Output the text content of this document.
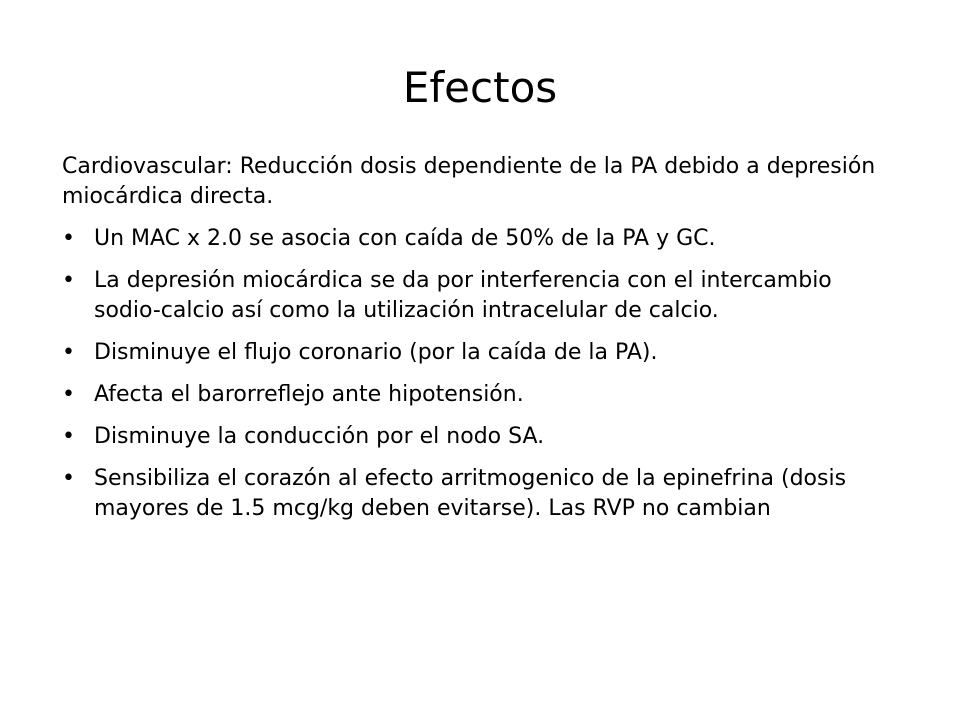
Efectos

Cardiovascular: Reducción dosis dependiente de la PA debido a depresión miocárdica directa.

• Un MAC x 2.0 se asocia con caída de 50% de la PA y GC.
• La depresión miocárdica se da por interferencia con el intercambio sodio-calcio así como la utilización intracelular de calcio.
• Disminuye el flujo coronario (por la caída de la PA).
• Afecta el barorreflejo ante hipotensión.
• Disminuye la conducción por el nodo SA.
• Sensibiliza el corazón al efecto arritmogenico de la epinefrina (dosis mayores de 1.5 mcg/kg deben evitarse). Las RVP no cambian
